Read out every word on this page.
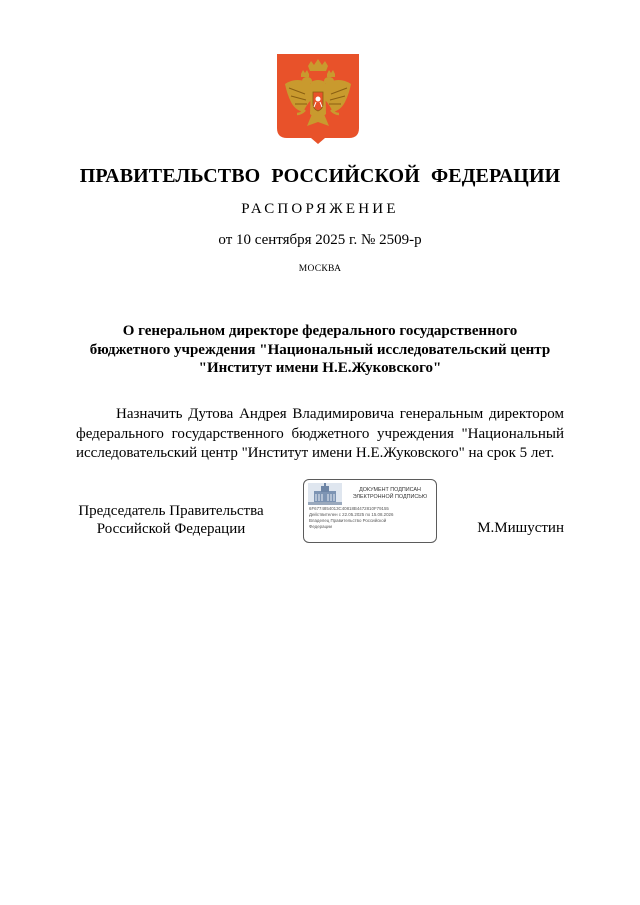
ПРАВИТЕЛЬСТВО РОССИЙСКОЙ ФЕДЕРАЦИИ
РАСПОРЯЖЕНИЕ
от 10 сентября 2025 г. № 2509-р
МОСКВА
О генеральном директоре федерального государственного
бюджетного учреждения "Национальный исследовательский центр
"Институт имени Н.Е.Жуковского"
Назначить Дутова Андрея Владимировича генеральным директором федерального государственного бюджетного учреждения "Национальный исследовательский центр "Институт имени Н.Е.Жуковского" на срок 5 лет.
Председатель Правительства
Российской Федерации
ДОКУМЕНТ ПОДПИСАН
ЭЛЕКТРОННОЙ ПОДПИСЬЮ
6F6774854013C40818B4472810F79155
Действителен с 22.05.2025 по 15.08.2026
Владелец Правительство Российской
Федерации	М.Мишустин
